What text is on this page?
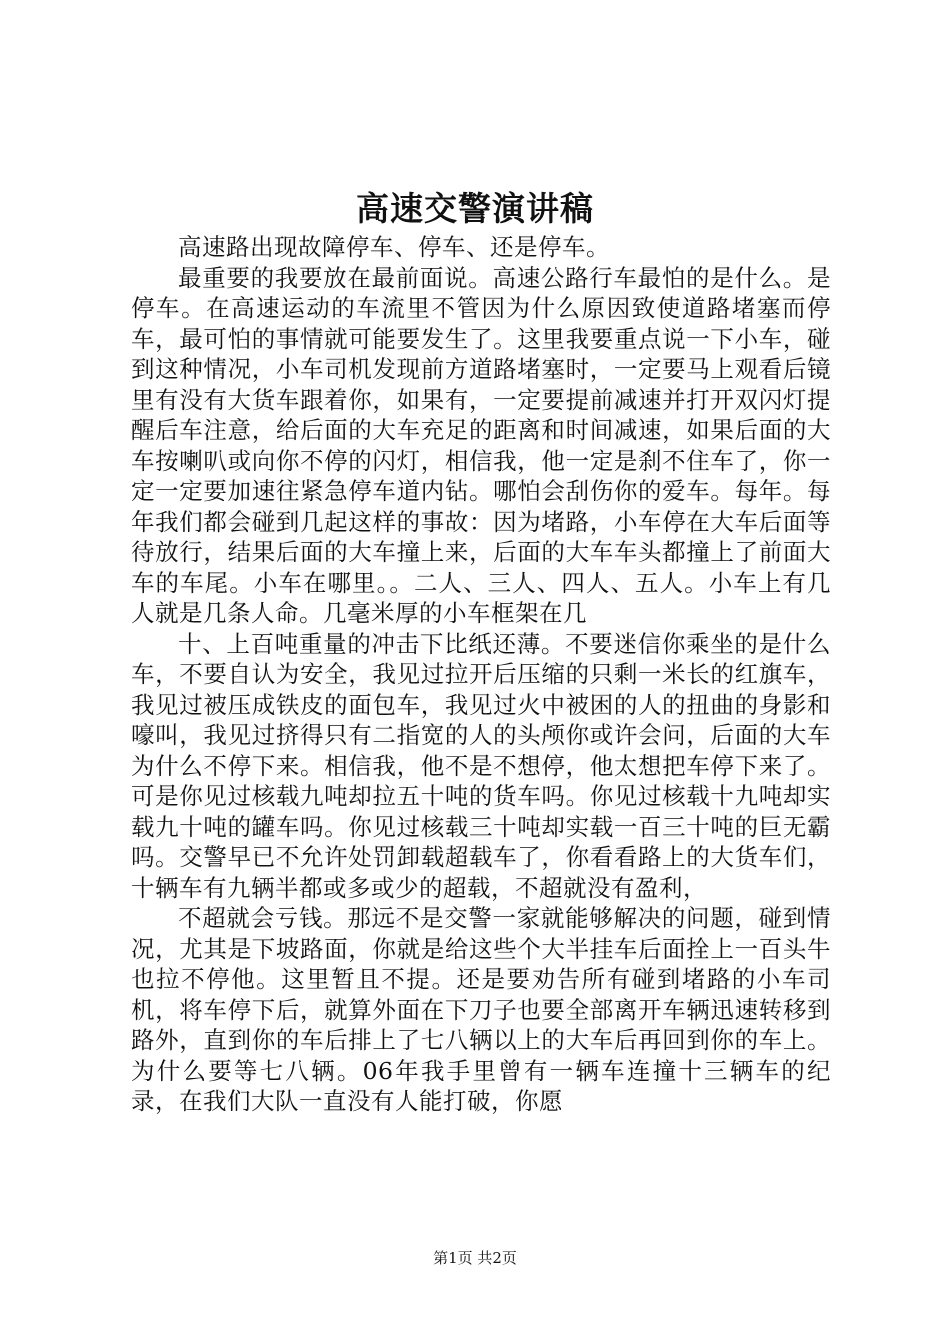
高速交警演讲稿

高速路出现故障停车、停车、还是停车。

最重要的我要放在最前面说。高速公路行车最怕的是什么。是停车。在高速运动的车流里不管因为什么原因致使道路堵塞而停车，最可怕的事情就可能要发生了。这里我要重点说一下小车，碰到这种情况，小车司机发现前方道路堵塞时，一定要马上观看后镜里有没有大货车跟着你，如果有，一定要提前减速并打开双闪灯提醒后车注意，给后面的大车充足的距离和时间减速，如果后面的大车按喇叭或向你不停的闪灯，相信我，他一定是刹不住车了，你一定一定要加速往紧急停车道内钻。哪怕会刮伤你的爱车。每年。每年我们都会碰到几起这样的事故：因为堵路，小车停在大车后面等待放行，结果后面的大车撞上来，后面的大车车头都撞上了前面大车的车尾。小车在哪里。。二人、三人、四人、五人。小车上有几人就是几条人命。几毫米厚的小车框架在几

十、上百吨重量的冲击下比纸还薄。不要迷信你乘坐的是什么车，不要自认为安全，我见过拉开后压缩的只剩一米长的红旗车，我见过被压成铁皮的面包车，我见过火中被困的人的扭曲的身影和嚎叫，我见过挤得只有二指宽的人的头颅你或许会问，后面的大车为什么不停下来。相信我，他不是不想停，他太想把车停下来了。可是你见过核载九吨却拉五十吨的货车吗。你见过核载十九吨却实载九十吨的罐车吗。你见过核载三十吨却实载一百三十吨的巨无霸吗。交警早已不允许处罚卸载超载车了，你看看路上的大货车们，十辆车有九辆半都或多或少的超载，不超就没有盈利，

不超就会亏钱。那远不是交警一家就能够解决的问题，碰到情况，尤其是下坡路面，你就是给这些个大半挂车后面拴上一百头牛也拉不停他。这里暂且不提。还是要劝告所有碰到堵路的小车司机，将车停下后，就算外面在下刀子也要全部离开车辆迅速转移到路外，直到你的车后排上了七八辆以上的大车后再回到你的车上。为什么要等七八辆。06年我手里曾有一辆车连撞十三辆车的纪录，在我们大队一直没有人能打破，你愿

第1页 共2页
